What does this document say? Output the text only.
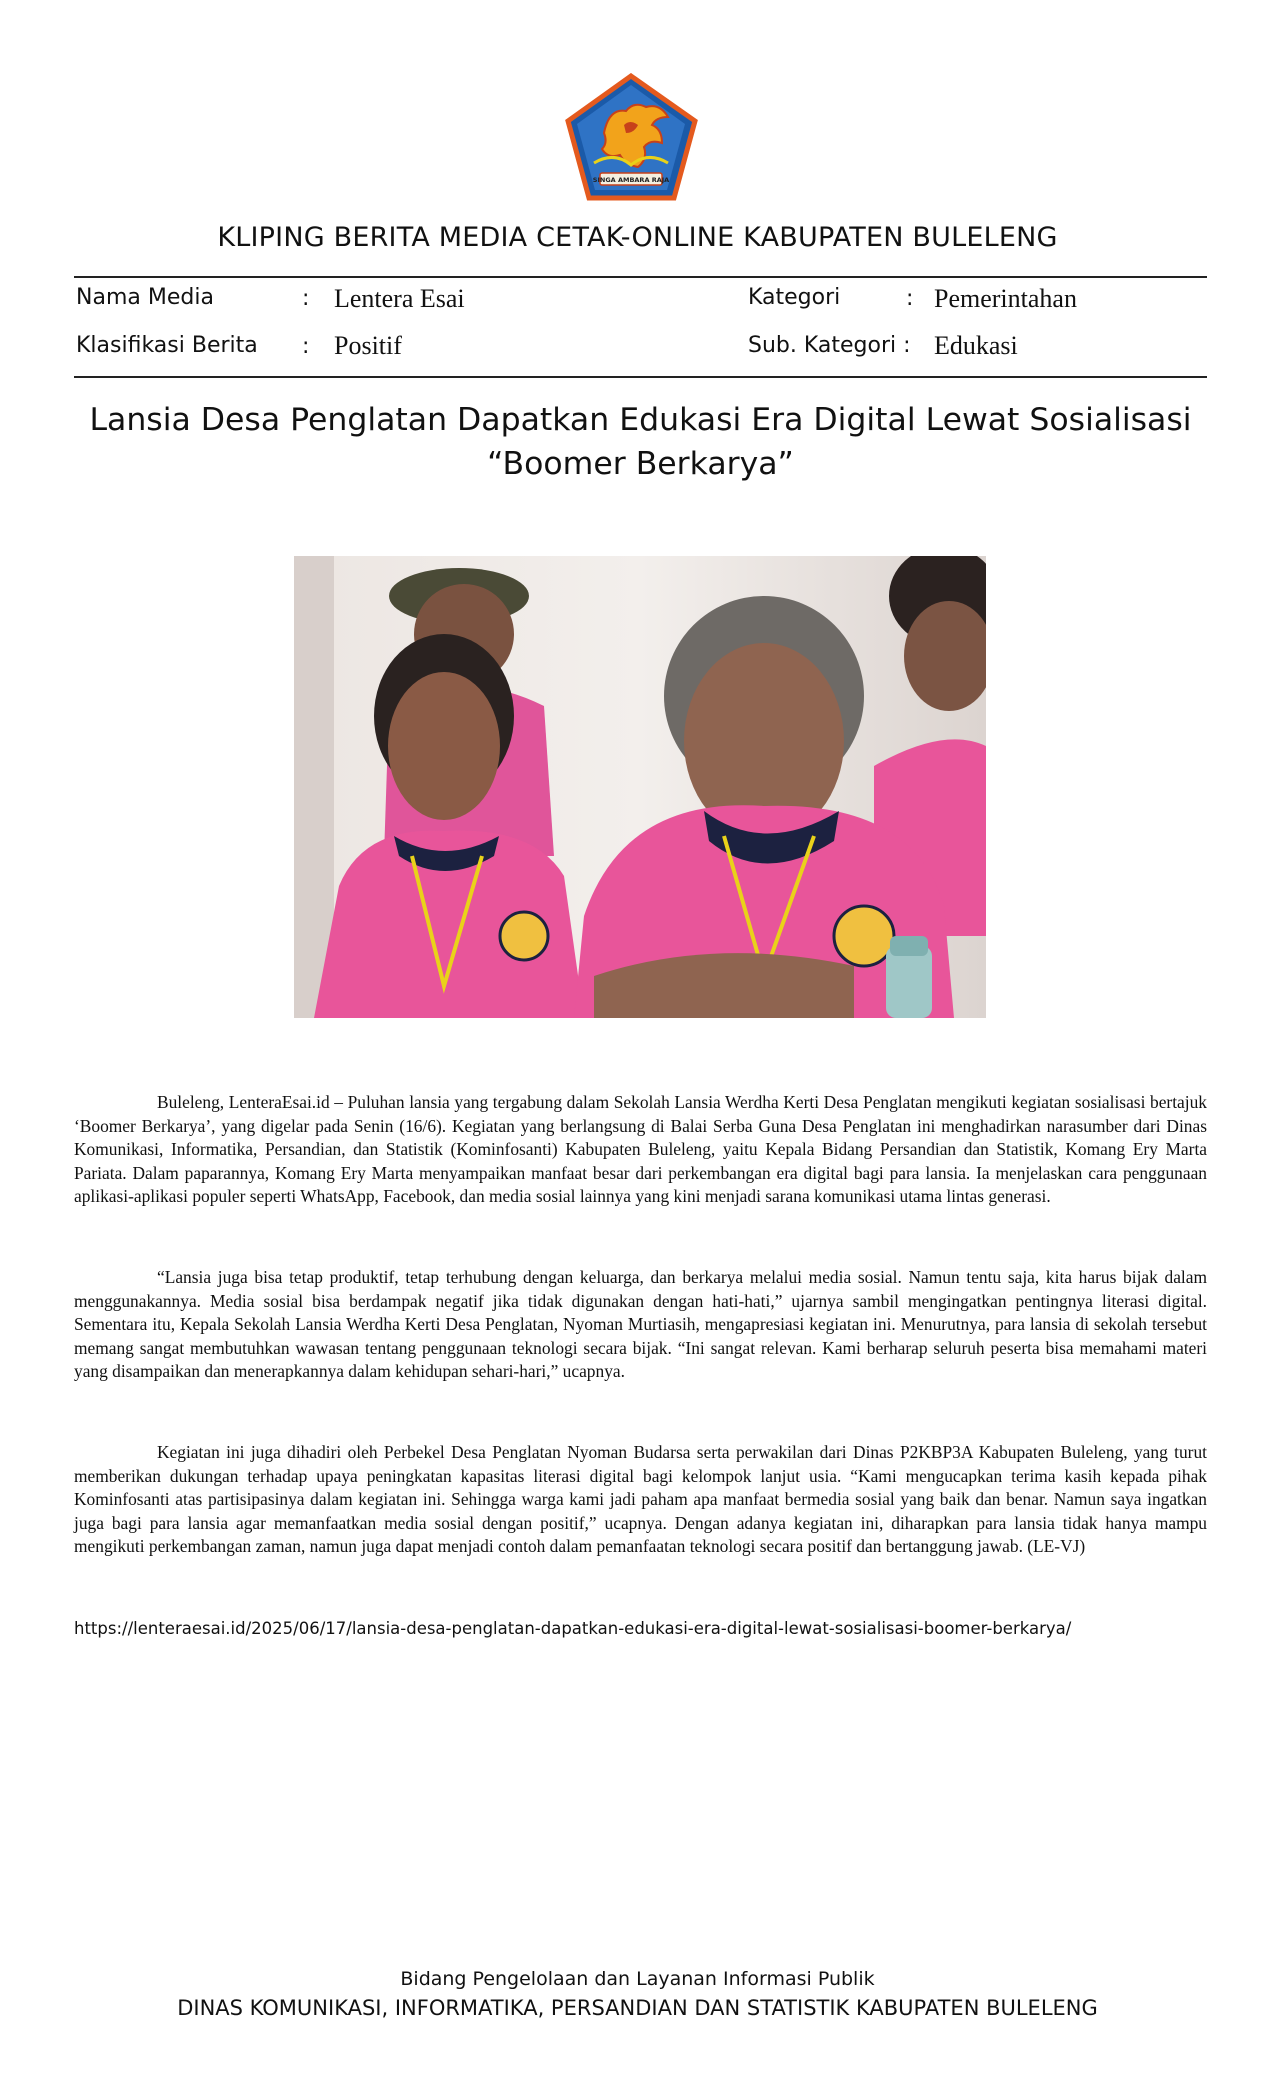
SINGA AMBARA RAJA
KLIPING BERITA MEDIA CETAK-ONLINE KABUPATEN BULELENG
Nama Media	: Lentera Esai	Kategori	: Pemerintahan
Klasifikasi Berita : Positif	Sub. Kategori : Edukasi
Lansia Desa Penglatan Dapatkan Edukasi Era Digital Lewat Sosialisasi
“Boomer Berkarya”

Buleleng, LenteraEsai.id – Puluhan lansia yang tergabung dalam Sekolah Lansia Werdha Kerti Desa Penglatan mengikuti kegiatan sosialisasi bertajuk ‘Boomer Berkarya’, yang digelar pada Senin (16/6). Kegiatan yang berlangsung di Balai Serba Guna Desa Penglatan ini menghadirkan narasumber dari Dinas Komunikasi, Informatika, Persandian, dan Statistik (Kominfosanti) Kabupaten Buleleng, yaitu Kepala Bidang Persandian dan Statistik, Komang Ery Marta Pariata. Dalam paparannya, Komang Ery Marta menyampaikan manfaat besar dari perkembangan era digital bagi para lansia. Ia menjelaskan cara penggunaan aplikasi-aplikasi populer seperti WhatsApp, Facebook, dan media sosial lainnya yang kini menjadi sarana komunikasi utama lintas generasi.

“Lansia juga bisa tetap produktif, tetap terhubung dengan keluarga, dan berkarya melalui media sosial. Namun tentu saja, kita harus bijak dalam menggunakannya. Media sosial bisa berdampak negatif jika tidak digunakan dengan hati-hati,” ujarnya sambil mengingatkan pentingnya literasi digital. Sementara itu, Kepala Sekolah Lansia Werdha Kerti Desa Penglatan, Nyoman Murtiasih, mengapresiasi kegiatan ini. Menurutnya, para lansia di sekolah tersebut memang sangat membutuhkan wawasan tentang penggunaan teknologi secara bijak. “Ini sangat relevan. Kami berharap seluruh peserta bisa memahami materi yang disampaikan dan menerapkannya dalam kehidupan sehari-hari,” ucapnya.

Kegiatan ini juga dihadiri oleh Perbekel Desa Penglatan Nyoman Budarsa serta perwakilan dari Dinas P2KBP3A Kabupaten Buleleng, yang turut memberikan dukungan terhadap upaya peningkatan kapasitas literasi digital bagi kelompok lanjut usia. “Kami mengucapkan terima kasih kepada pihak Kominfosanti atas partisipasinya dalam kegiatan ini. Sehingga warga kami jadi paham apa manfaat bermedia sosial yang baik dan benar. Namun saya ingatkan juga bagi para lansia agar memanfaatkan media sosial dengan positif,” ucapnya. Dengan adanya kegiatan ini, diharapkan para lansia tidak hanya mampu mengikuti perkembangan zaman, namun juga dapat menjadi contoh dalam pemanfaatan teknologi secara positif dan bertanggung jawab. (LE-VJ)

https://lenteraesai.id/2025/06/17/lansia-desa-penglatan-dapatkan-edukasi-era-digital-lewat-sosialisasi-boomer-berkarya/
Bidang Pengelolaan dan Layanan Informasi Publik
DINAS KOMUNIKASI, INFORMATIKA, PERSANDIAN DAN STATISTIK KABUPATEN BULELENG
